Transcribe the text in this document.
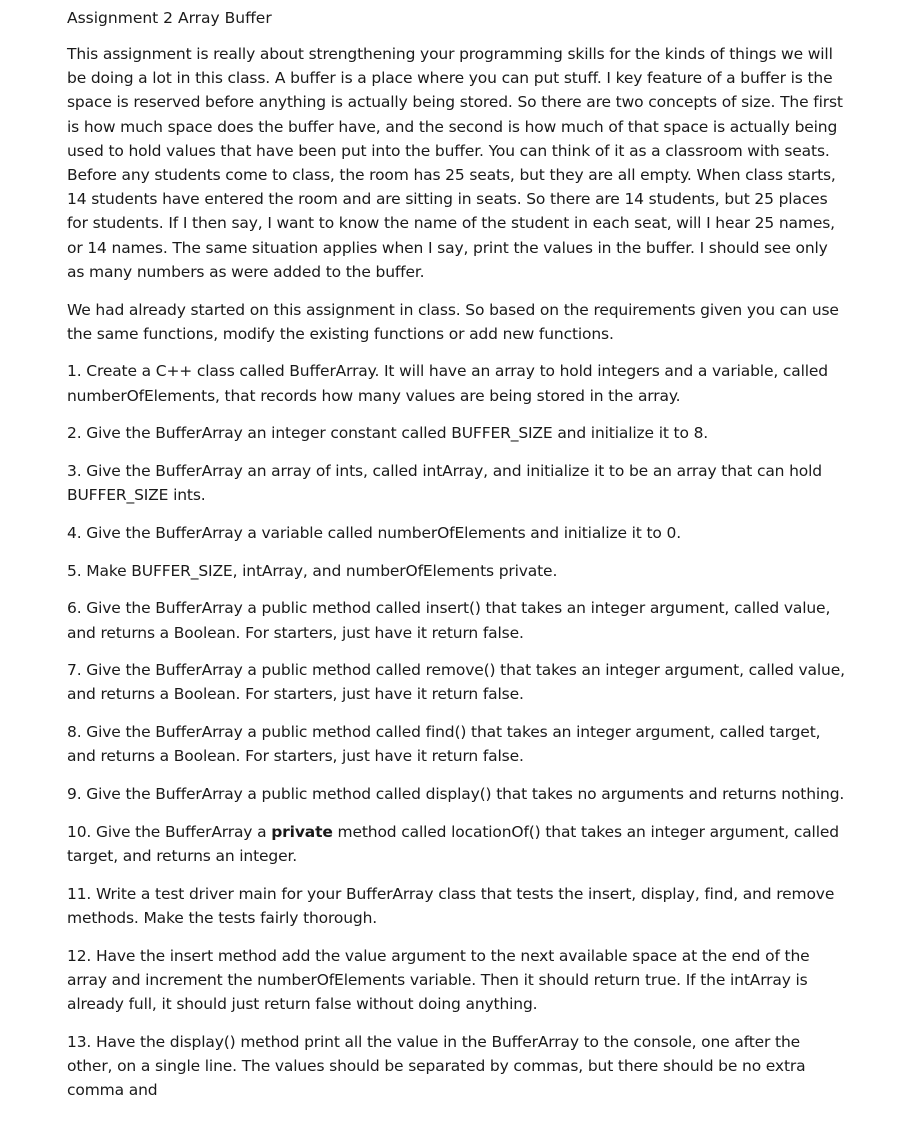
Assignment 2 Array Buffer

This assignment is really about strengthening your programming skills for the kinds of things we will be doing a lot in this class. A buffer is a place where you can put stuff. I key feature of a buffer is the space is reserved before anything is actually being stored. So there are two concepts of size. The first is how much space does the buffer have, and the second is how much of that space is actually being used to hold values that have been put into the buffer. You can think of it as a classroom with seats. Before any students come to class, the room has 25 seats, but they are all empty. When class starts, 14 students have entered the room and are sitting in seats. So there are 14 students, but 25 places for students. If I then say, I want to know the name of the student in each seat, will I hear 25 names, or 14 names. The same situation applies when I say, print the values in the buffer. I should see only as many numbers as were added to the buffer.

We had already started on this assignment in class. So based on the requirements given you can use the same functions, modify the existing functions or add new functions.

1. Create a C++ class called BufferArray. It will have an array to hold integers and a variable, called numberOfElements, that records how many values are being stored in the array.

2. Give the BufferArray an integer constant called BUFFER_SIZE and initialize it to 8.

3. Give the BufferArray an array of ints, called intArray, and initialize it to be an array that can hold BUFFER_SIZE ints.

4. Give the BufferArray a variable called numberOfElements and initialize it to 0.

5. Make BUFFER_SIZE, intArray, and numberOfElements private.

6. Give the BufferArray a public method called insert() that takes an integer argument, called value, and returns a Boolean. For starters, just have it return false.

7. Give the BufferArray a public method called remove() that takes an integer argument, called value, and returns a Boolean. For starters, just have it return false.

8. Give the BufferArray a public method called find() that takes an integer argument, called target, and returns a Boolean. For starters, just have it return false.

9. Give the BufferArray a public method called display() that takes no arguments and returns nothing.

10. Give the BufferArray a private method called locationOf() that takes an integer argument, called target, and returns an integer.

11. Write a test driver main for your BufferArray class that tests the insert, display, find, and remove methods. Make the tests fairly thorough.

12. Have the insert method add the value argument to the next available space at the end of the array and increment the numberOfElements variable. Then it should return true. If the intArray is already full, it should just return false without doing anything.

13. Have the display() method print all the value in the BufferArray to the console, one after the other, on a single line. The values should be separated by commas, but there should be no extra comma and
